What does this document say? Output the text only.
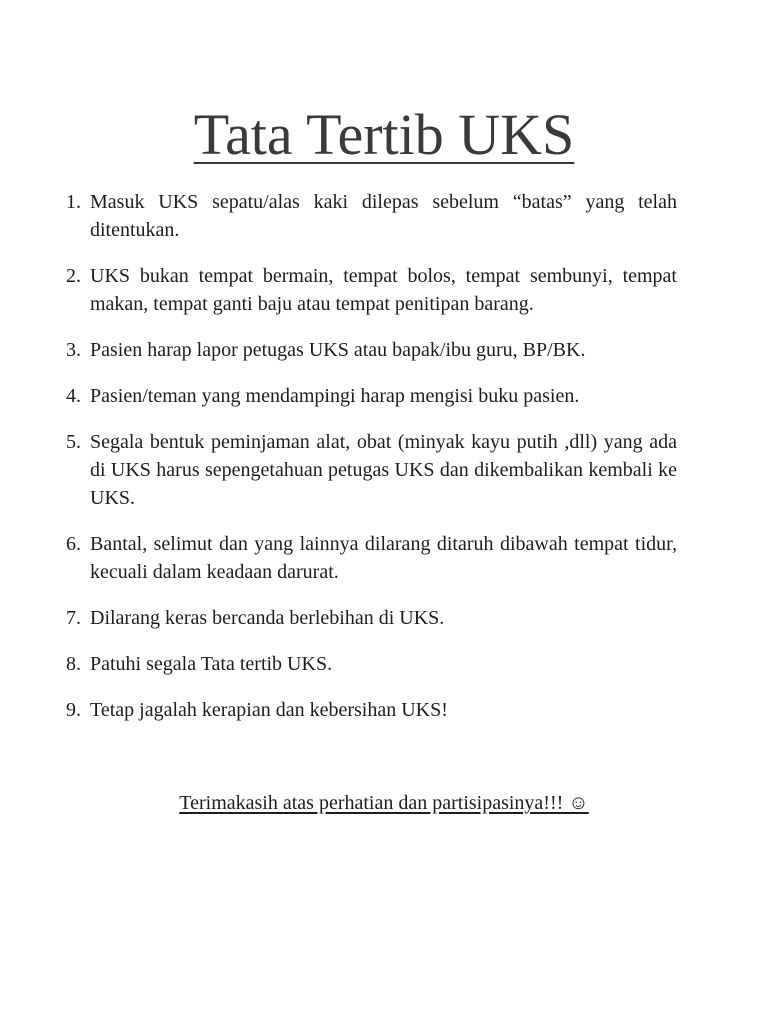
Tata Tertib UKS
1. Masuk UKS sepatu/alas kaki dilepas sebelum “batas” yang telah ditentukan.
2. UKS bukan tempat bermain, tempat bolos, tempat sembunyi, tempat makan, tempat ganti baju atau tempat penitipan barang.
3. Pasien harap lapor petugas UKS atau bapak/ibu guru, BP/BK.
4. Pasien/teman yang mendampingi harap mengisi buku pasien.
5. Segala bentuk peminjaman alat, obat (minyak kayu putih ,dll) yang ada di UKS harus sepengetahuan petugas UKS dan dikembalikan kembali ke UKS.
6. Bantal, selimut dan yang lainnya dilarang ditaruh dibawah tempat tidur, kecuali dalam keadaan darurat.
7. Dilarang keras bercanda berlebihan di UKS.
8. Patuhi segala Tata tertib UKS.
9. Tetap jagalah kerapian dan kebersihan UKS!

Terimakasih atas perhatian dan partisipasinya!!! ☺
